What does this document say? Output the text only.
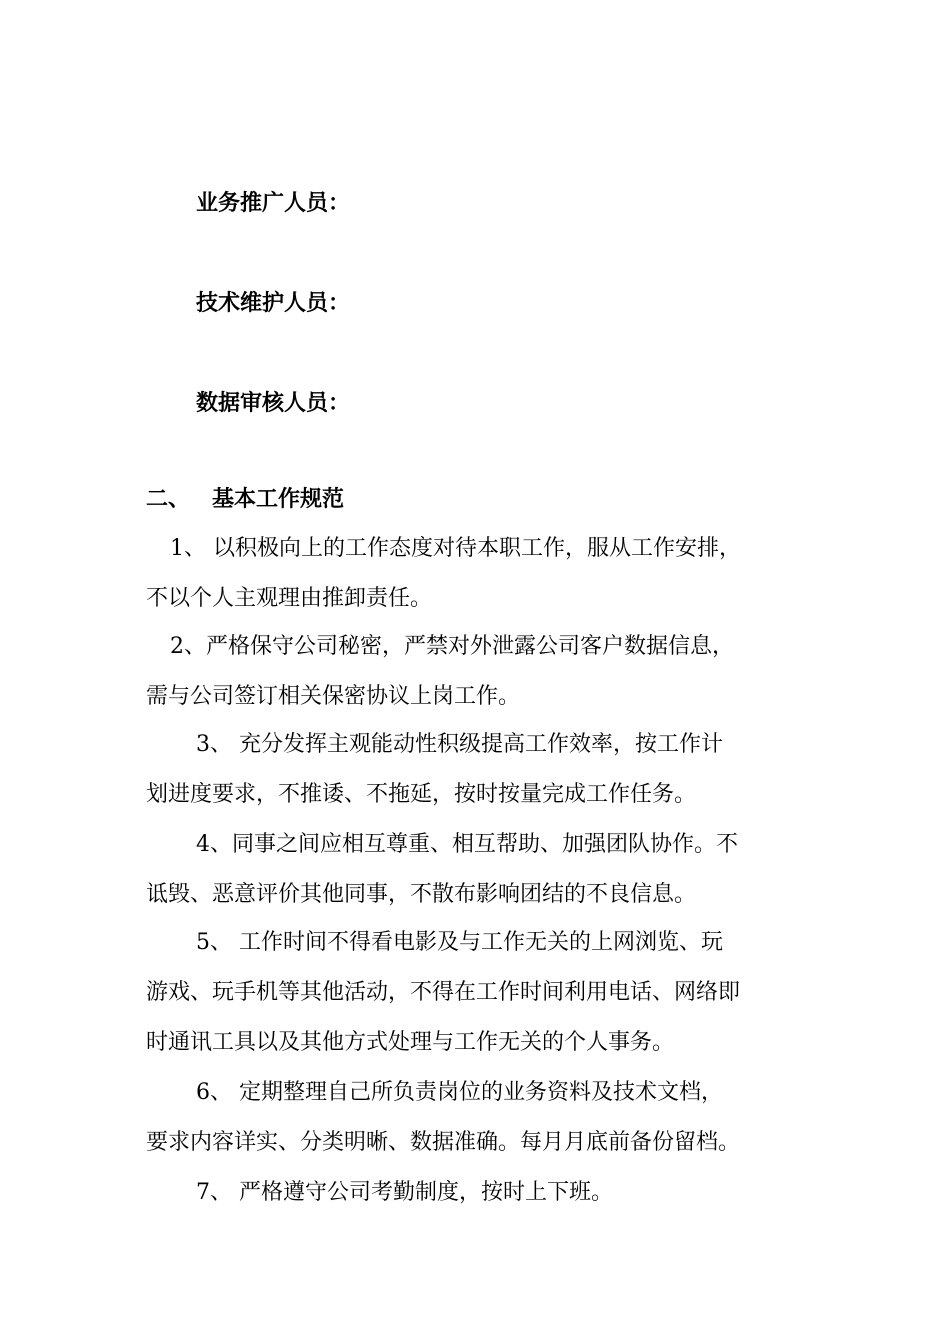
业务推广人员：
技术维护人员：
数据审核人员：
二、 基本工作规范
1、 以积极向上的工作态度对待本职工作，服从工作安排，
不以个人主观理由推卸责任。
2、严格保守公司秘密，严禁对外泄露公司客户数据信息，
需与公司签订相关保密协议上岗工作。
3、 充分发挥主观能动性积级提高工作效率，按工作计
划进度要求，不推诿、不拖延，按时按量完成工作任务。
4、同事之间应相互尊重、相互帮助、加强团队协作。不
诋毁、恶意评价其他同事，不散布影响团结的不良信息。
5、 工作时间不得看电影及与工作无关的上网浏览、玩
游戏、玩手机等其他活动，不得在工作时间利用电话、网络即
时通讯工具以及其他方式处理与工作无关的个人事务。
6、 定期整理自己所负责岗位的业务资料及技术文档，
要求内容详实、分类明晰、数据准确。每月月底前备份留档。
7、 严格遵守公司考勤制度，按时上下班。
